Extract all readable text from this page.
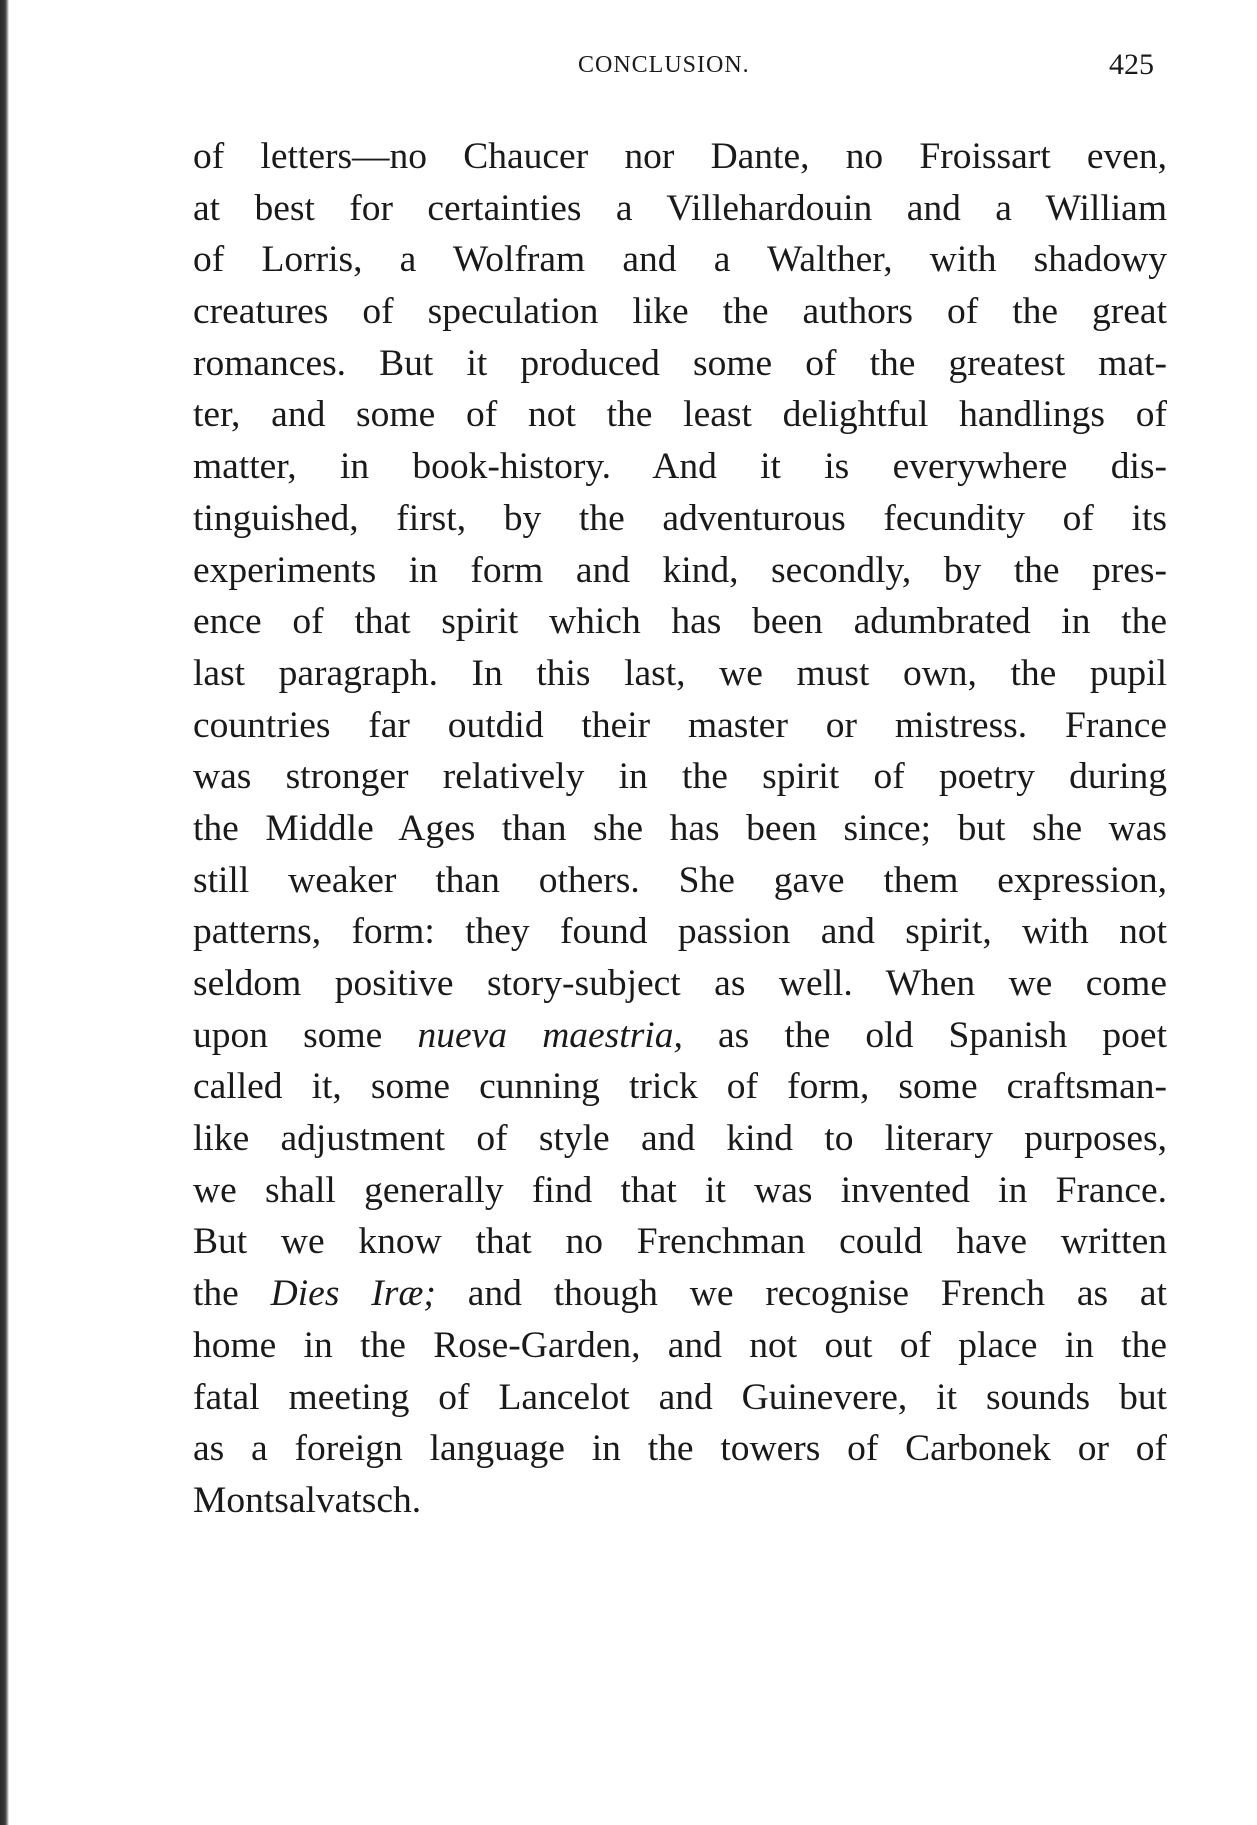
CONCLUSION.	425
of letters—no Chaucer nor Dante, no Froissart even,
at best for certainties a Villehardouin and a William
of Lorris, a Wolfram and a Walther, with shadowy
creatures of speculation like the authors of the great
romances. But it produced some of the greatest mat-
ter, and some of not the least delightful handlings of
matter, in book-history. And it is everywhere dis-
tinguished, first, by the adventurous fecundity of its
experiments in form and kind, secondly, by the pres-
ence of that spirit which has been adumbrated in the
last paragraph. In this last, we must own, the pupil
countries far outdid their master or mistress. France
was stronger relatively in the spirit of poetry during
the Middle Ages than she has been since; but she was
still weaker than others. She gave them expression,
patterns, form: they found passion and spirit, with not
seldom positive story-subject as well. When we come
upon some nueva maestria, as the old Spanish poet
called it, some cunning trick of form, some craftsman-
like adjustment of style and kind to literary purposes,
we shall generally find that it was invented in France.
But we know that no Frenchman could have written
the Dies Iræ; and though we recognise French as at
home in the Rose-Garden, and not out of place in the
fatal meeting of Lancelot and Guinevere, it sounds but
as a foreign language in the towers of Carbonek or of
Montsalvatsch.
